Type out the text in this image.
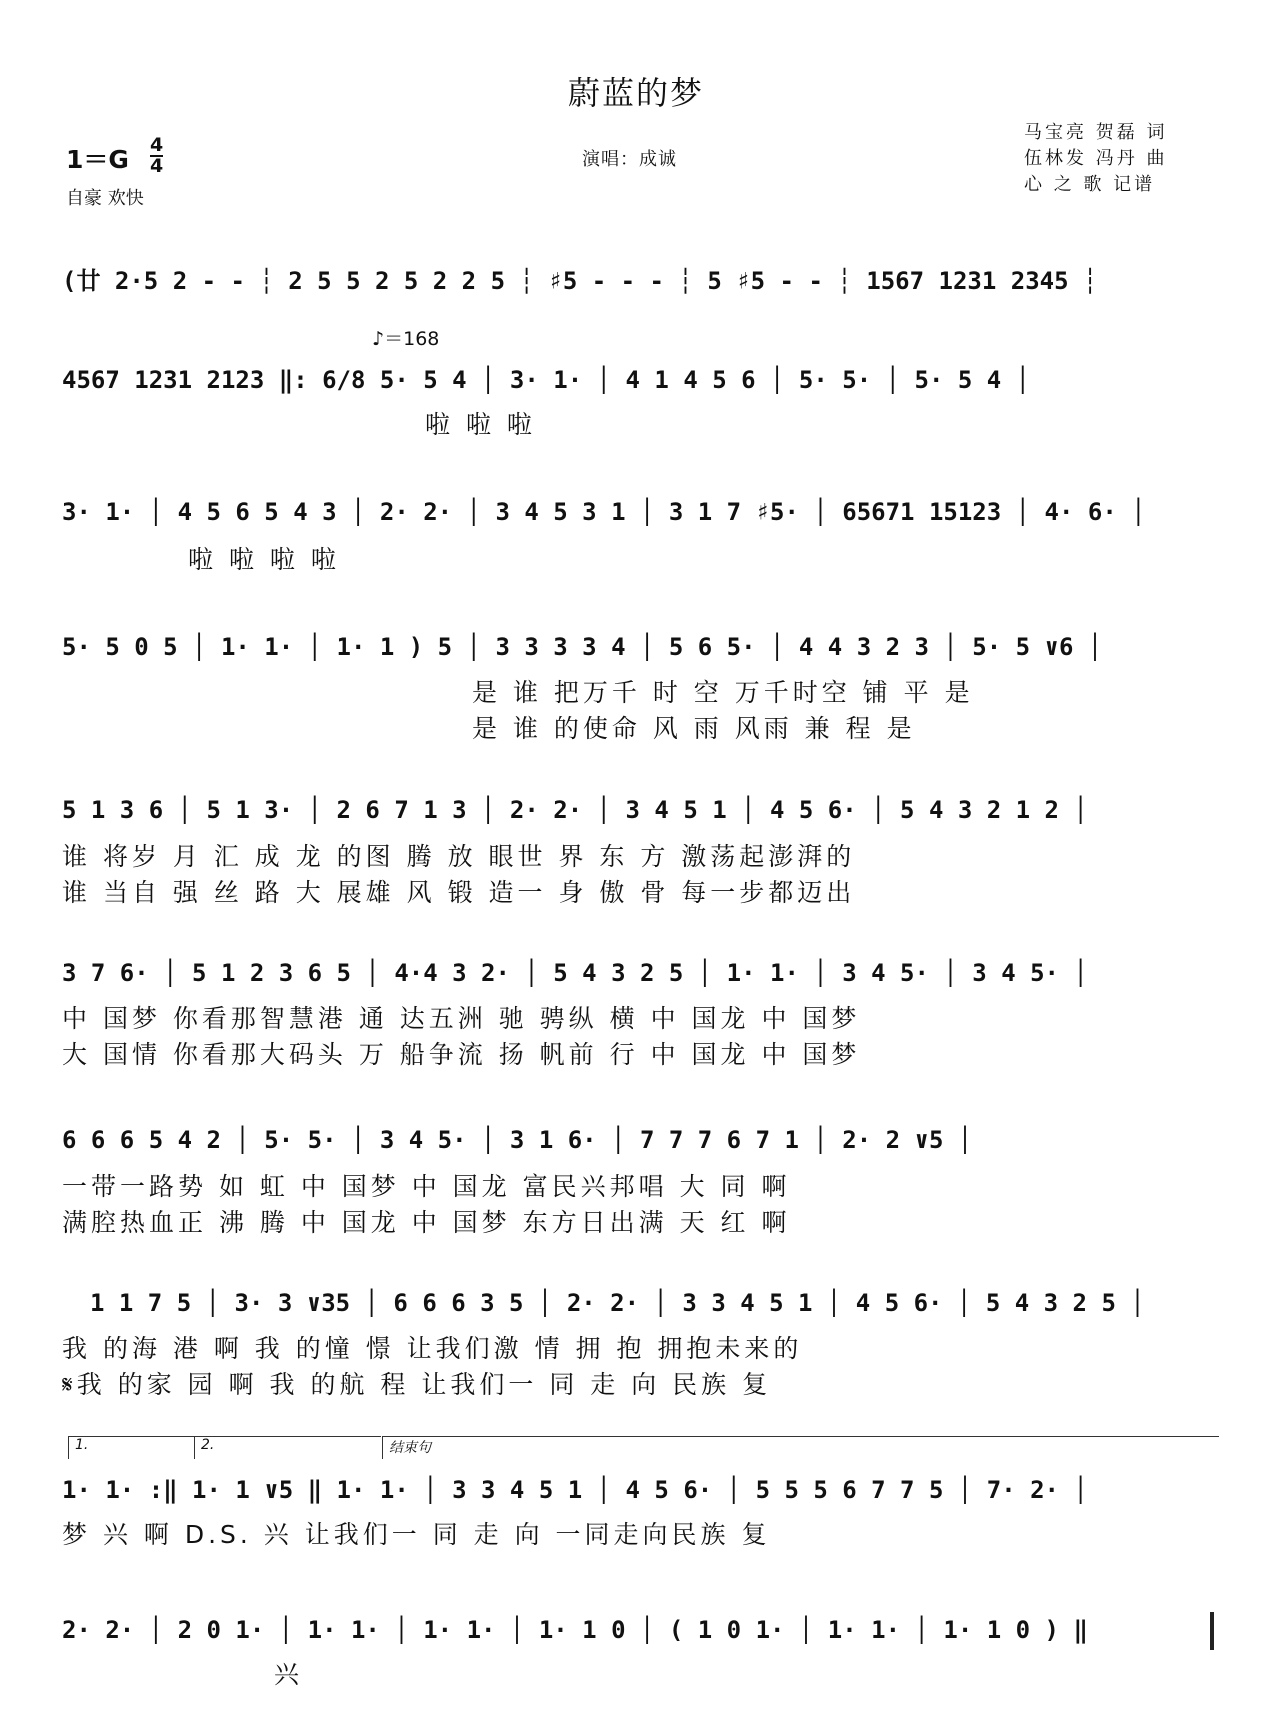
蔚蓝的梦
$1=G \frac{4}{4}$
自豪 欢快
演唱：成诚
马宝亮 贺磊 词
伍林发 冯丹 曲
心 之 歌 记谱
(廿 2·5 2 - - ┆ 2 5 5 2 5 2 2 5 ┆ ♯5 - - - ┆ 5 ♯5 - - ┆ 1567 1231 2345 ┆
♪＝168
4567 1231 2123 ‖: 6/8 5· 5 4 │ 3· 1· │ 4 1 4 5 6 │ 5· 5· │ 5· 5 4 │
啦 啦 啦
3· 1· │ 4 5 6 5 4 3 │ 2· 2· │ 3 4 5 3 1 │ 3 1 7 ♯5· │ 65671 15123 │ 4· 6· │
啦 啦 啦 啦
5· 5 0 5 │ 1· 1· │ 1· 1 ) 5 │ 3 3 3 3 4 │ 5 6 5· │ 4 4 3 2 3 │ 5· 5 ∨6 │
是 谁 把万千 时 空 万千时空 铺 平 是
是 谁 的使命 风 雨 风雨 兼 程 是
5 1 3 6 │ 5 1 3· │ 2 6 7 1 3 │ 2· 2· │ 3 4 5 1 │ 4 5 6· │ 5 4 3 2 1 2 │
谁 将岁 月 汇 成 龙 的图 腾 放 眼世 界 东 方 激荡起澎湃的
谁 当自 强 丝 路 大 展雄 风 锻 造一 身 傲 骨 每一步都迈出
3 7 6· │ 5 1 2 3 6 5 │ 4·4 3 2· │ 5 4 3 2 5 │ 1· 1· │ 3 4 5· │ 3 4 5· │
中 国梦 你看那智慧港 通 达五洲 驰 骋纵 横 中 国龙 中 国梦
大 国情 你看那大码头 万 船争流 扬 帆前 行 中 国龙 中 国梦
6 6 6 5 4 2 │ 5· 5· │ 3 4 5· │ 3 1 6· │ 7 7 7 6 7 1 │ 2· 2 ∨5 │
一带一路势 如 虹 中 国梦 中 国龙 富民兴邦唱 大 同 啊
满腔热血正 沸 腾 中 国龙 中 国梦 东方日出满 天 红 啊
1 1 7 5 │ 3· 3 ∨35 │ 6 6 6 3 5 │ 2· 2· │ 3 3 4 5 1 │ 4 5 6· │ 5 4 3 2 5 │
我 的海 港 啊 我 的憧 憬 让我们激 情 拥 抱 拥抱未来的
𝄋我 的家 园 啊 我 的航 程 让我们一 同 走 向 民族 复
1.	2.	结束句
1· 1· :‖ 1· 1 ∨5 ‖ 1· 1· │ 3 3 4 5 1 │ 4 5 6· │ 5 5 5 6 7 7 5 │ 7· 2· │
梦 兴 啊 D.S. 兴 让我们一 同 走 向 一同走向民族 复
2· 2· │ 2 0 1· │ 1· 1· │ 1· 1· │ 1· 1 0 │ ( 1 0 1· │ 1· 1· │ 1· 1 0 ) ‖
兴
